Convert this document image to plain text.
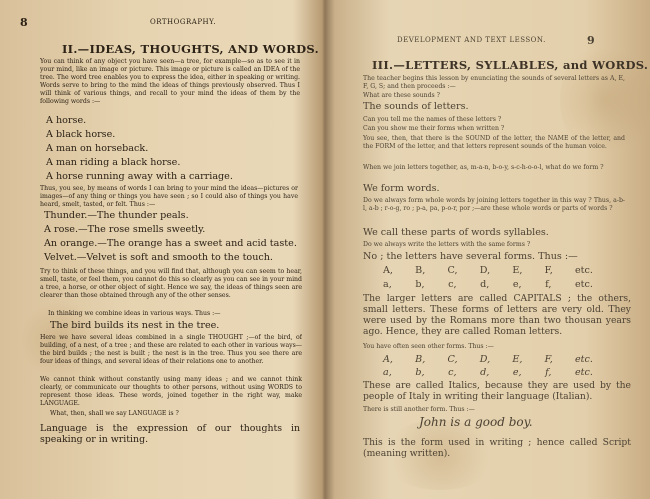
8	ORTHOGRAPHY.
II.—IDEAS, THOUGHTS, AND WORDS.
You can think of any object you have seen—a tree, for example—so as to see it in your mind, like an image or picture. This image or picture is called an IDEA of the tree. The word tree enables you to express the idea, either in speaking or writing. Words serve to bring to the mind the ideas of things previously observed. Thus I will think of various things, and recall to your mind the ideas of them by the following words :—
A horse.
A black horse.
A man on horseback.
A man riding a black horse.
A horse running away with a carriage.
Thus, you see, by means of words I can bring to your mind the ideas—pictures or images—of any thing or things you have seen ; so I could also of things you have heard, smelt, tasted, or felt. Thus :—
Thunder.—The thunder peals.
A rose.—The rose smells sweetly.
An orange.—The orange has a sweet and acid taste.
Velvet.—Velvet is soft and smooth to the touch.
Try to think of these things, and you will find that, although you can seem to hear, smell, taste, or feel them, you cannot do this so clearly as you can see in your mind a tree, a horse, or other object of sight. Hence we say, the ideas of things seen are clearer than those obtained through any of the other senses.
In thinking we combine ideas in various ways. Thus :—
The bird builds its nest in the tree.
Here we have several ideas combined in a single THOUGHT ;—of the bird, of building, of a nest, of a tree ; and these are related to each other in various ways—the bird builds ; the nest is built ; the nest is in the tree. Thus you see there are four ideas of things, and several ideas of their relations one to another.
We cannot think without constantly using many ideas ; and we cannot think clearly, or communicate our thoughts to other persons, without using WORDS to represent those ideas. These words, joined together in the right way, make LANGUAGE.
What, then, shall we say LANGUAGE is ?
Language is the expression of our thoughts in speaking or in writing.
DEVELOPMENT AND TEXT LESSON.	9
III.—LETTERS, SYLLABLES, and WORDS.
The teacher begins this lesson by enunciating the sounds of several letters as A, E, F, G, S; and then proceeds :—
What are these sounds ?
The sounds of letters.
Can you tell me the names of these letters ?
Can you show me their forms when written ?
You see, then, that there is the SOUND of the letter, the NAME of the letter, and the FORM of the letter, and that letters represent sounds of the human voice.
When we join letters together, as, m-a-n, b-o-y, s-c-h-o-o-l, what do we form ?
We form words.
Do we always form whole words by joining letters together in this way ? Thus, a-b-l, a-b ; r-o-g, ro ; p-a, pa, p-o-r, por ;—are these whole words or parts of words ?
We call these parts of words syllables.
Do we always write the letters with the same forms ?
No ; the letters have several forms. Thus :—
A, B, C, D, E, F, etc.
a, b, c, d, e, f, etc.
The larger letters are called CAPITALS ; the others, small letters. These forms of letters are very old. They were used by the Romans more than two thousan years ago. Hence, they are called Roman letters.
You have often seen other forms. Thus :—
A, B, C, D, E, F, etc.
a, b, c, d, e, f, etc.
These are called Italics, because they are used by the people of Italy in writing their language (Italian).
There is still another form. Thus :—
John is a good boy.
This is the form used in writing ; hence called Script (meaning written).
